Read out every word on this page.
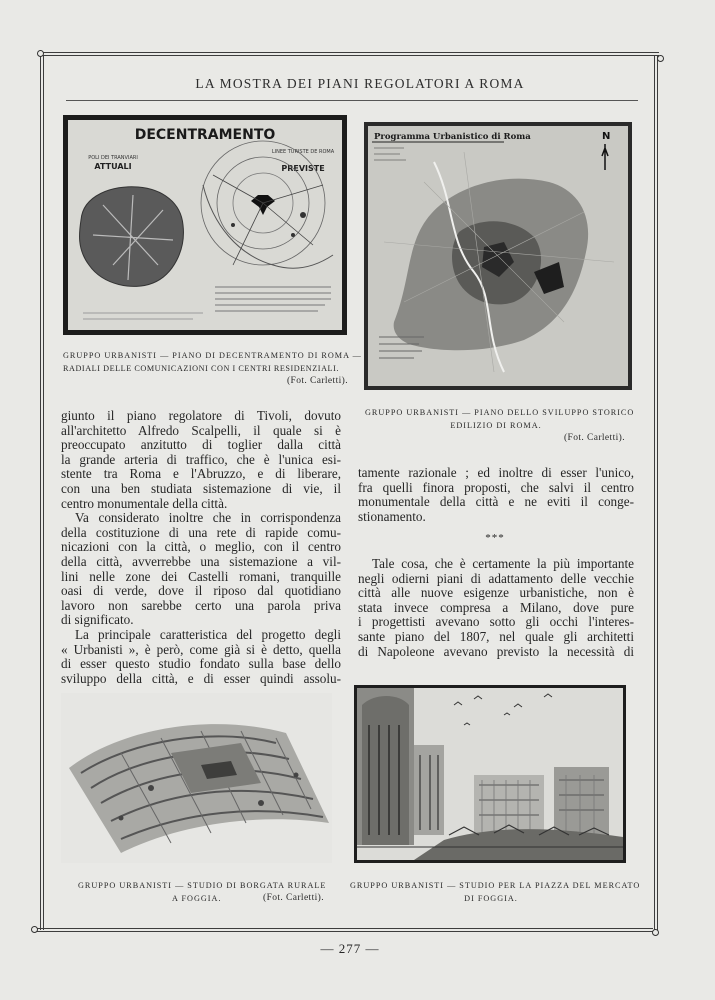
LA MOSTRA DEI PIANI REGOLATORI A ROMA
DECENTRAMENTO
POLI DEI TRANVIARI
ATTUALI
LINEE TURISTE DE ROMA
PREVISTE
GRUPPO URBANISTI — PIANO DI DECENTRAMENTO DI ROMA —
RADIALI DELLE COMUNICAZIONI CON I CENTRI RESIDENZIALI.
(Fot. Carletti).
Programma Urbanistico di Roma	N
GRUPPO URBANISTI — PIANO DELLO SVILUPPO STORICO
EDILIZIO DI ROMA.
(Fot. Carletti).
giunto il piano regolatore di Tivoli, dovuto
all'architetto Alfredo Scalpelli, il quale si è
preoccupato anzitutto di toglier dalla città
la grande arteria di traffico, che è l'unica esi-
stente tra Roma e l'Abruzzo, e di liberare,
con una ben studiata sistemazione di vie, il
centro monumentale della città.
Va considerato inoltre che in corrispondenza
della costituzione di una rete di rapide comu-
nicazioni con la città, o meglio, con il centro
della città, avverrebbe una sistemazione a vil-
lini nelle zone dei Castelli romani, tranquille
oasi di verde, dove il riposo dal quotidiano
lavoro non sarebbe certo una parola priva
di significato.
La principale caratteristica del progetto degli
« Urbanisti », è però, come già si è detto, quella
di esser questo studio fondato sulla base dello
sviluppo della città, e di esser quindi assolu-
tamente razionale ; ed inoltre di esser l'unico,
fra quelli finora proposti, che salvi il centro
monumentale della città e ne eviti il conge-
stionamento.
***
Tale cosa, che è certamente la più importante
negli odierni piani di adattamento delle vecchie
città alle nuove esigenze urbanistiche, non è
stata invece compresa a Milano, dove pure
i progettisti avevano sotto gli occhi l'interes-
sante piano del 1807, nel quale gli architetti
di Napoleone avevano previsto la necessità di
GRUPPO URBANISTI — STUDIO DI BORGATA RURALE
A FOGGIA.	(Fot. Carletti).
GRUPPO URBANISTI — STUDIO PER LA PIAZZA DEL MERCATO
DI FOGGIA.
— 277 —
